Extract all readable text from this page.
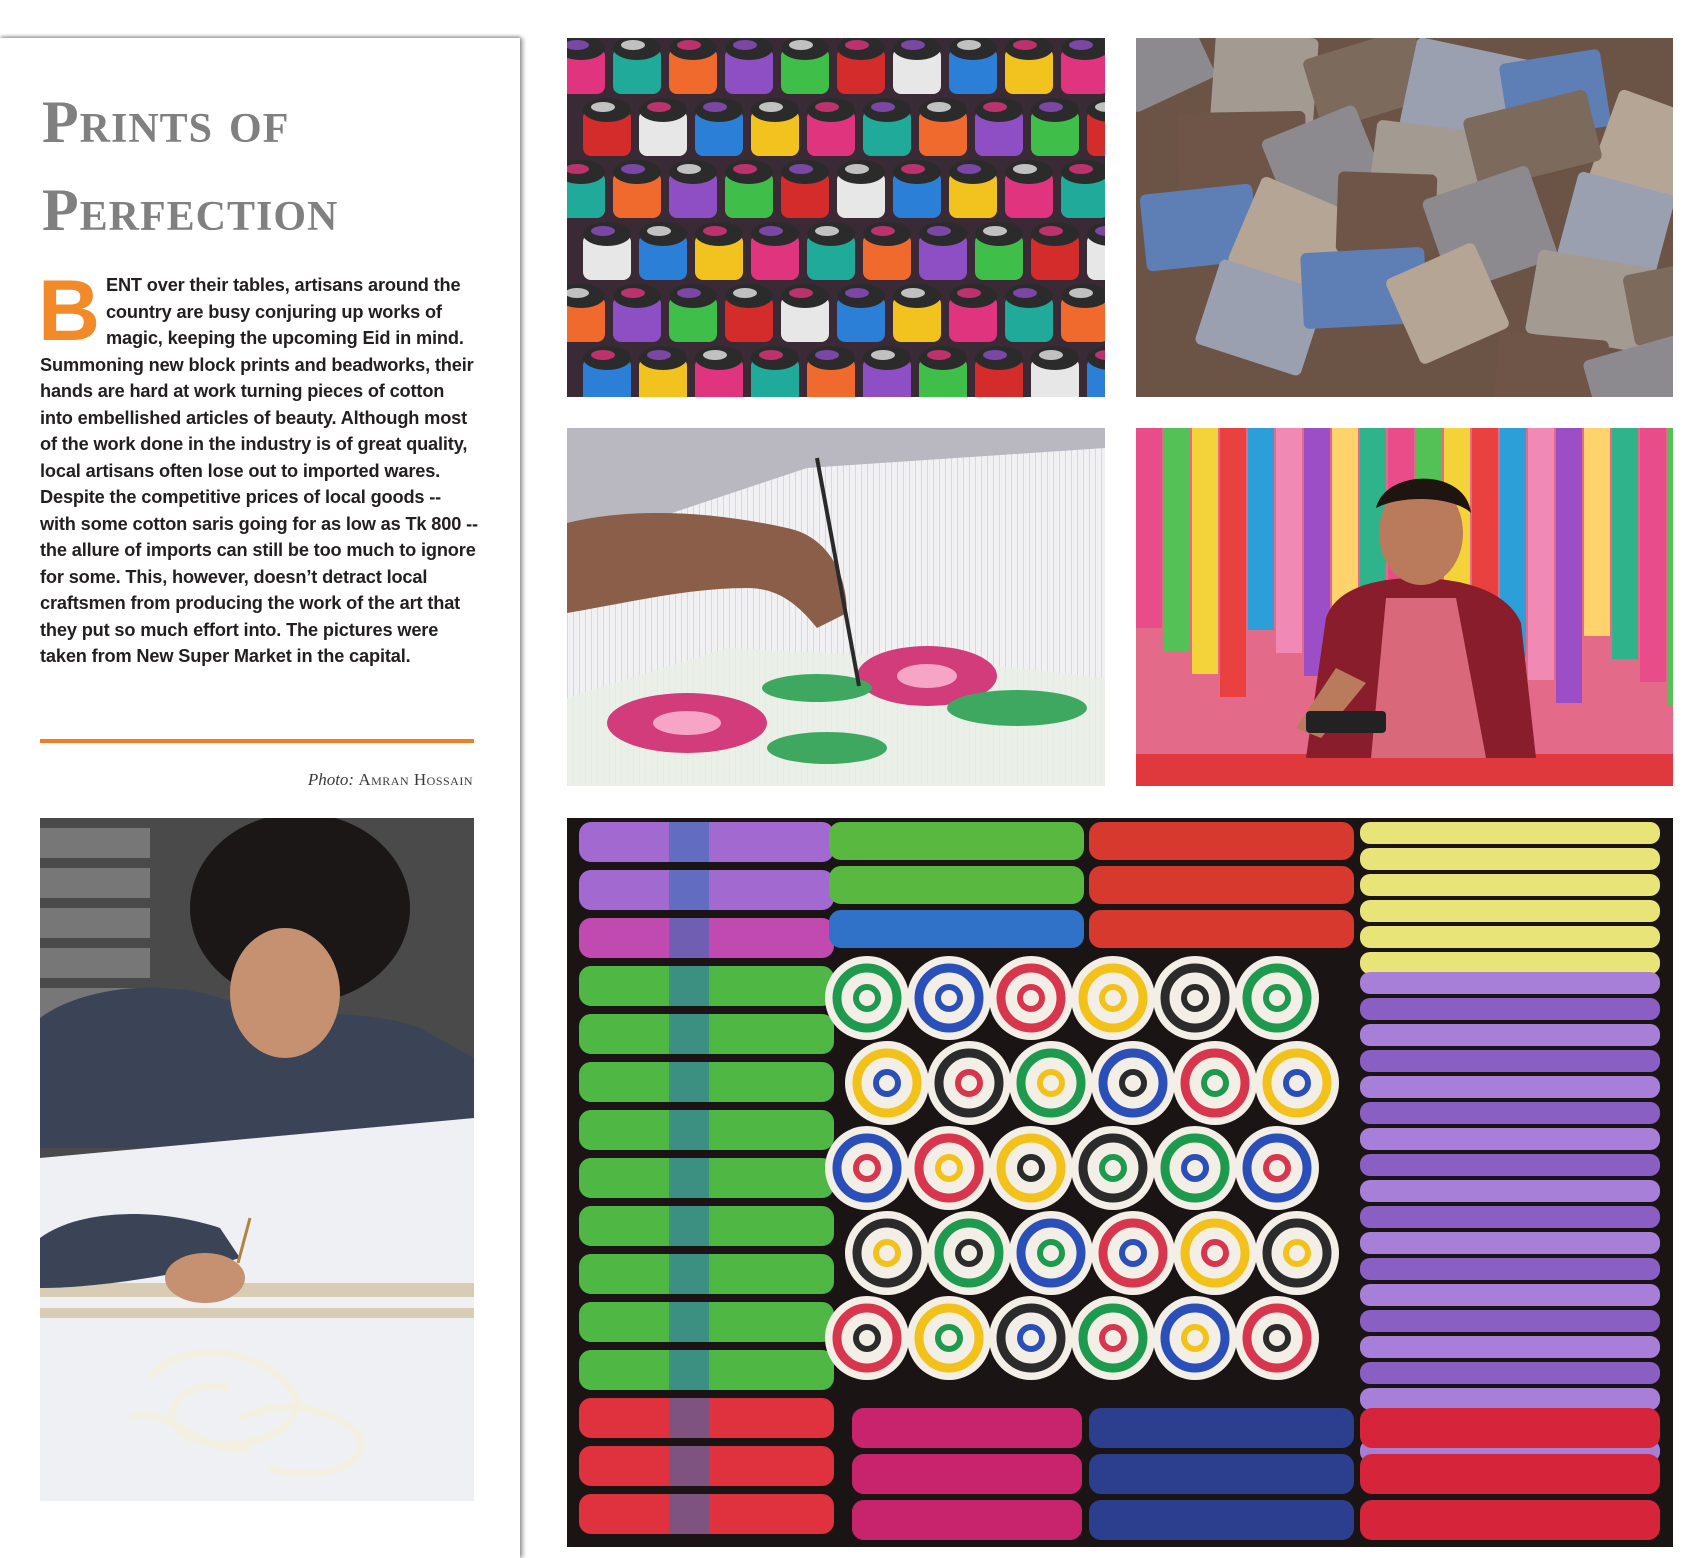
Prints of
Perfection

BENT over their tables, artisans around the country are busy conjuring up works of magic, keeping the upcoming Eid in mind. Summoning new block prints and beadworks, their hands are hard at work turning pieces of cotton into embellished articles of beauty. Although most of the work done in the industry is of great quality, local artisans often lose out to imported wares. Despite the competitive prices of local goods -- with some cotton saris going for as low as Tk 800 -- the allure of imports can still be too much to ignore for some. This, however, doesn’t detract local craftsmen from producing the work of the art that they put so much effort into. The pictures were taken from New Super Market in the capital.

Photo: Amran Hossain
